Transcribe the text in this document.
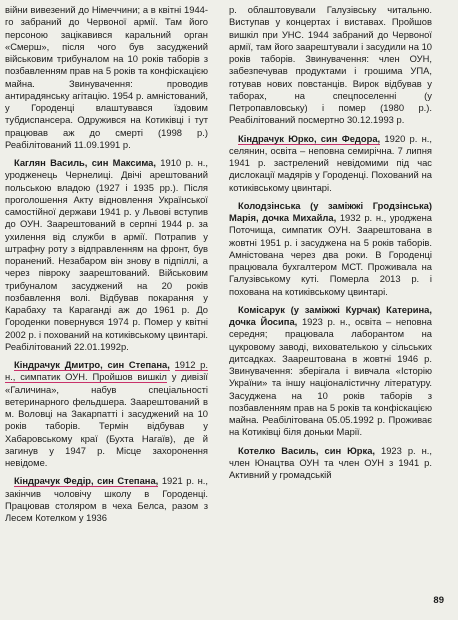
війни вивезений до Німеччини; а в квітні 1944-го забраний до Червоної армії. Там його персоною зацікавився каральний орган «Смерш», після чого був засуджений військовим трибуналом на 10 років таборів з позбавленням прав на 5 років та конфіскацією майна. Звинувачення: проводив антирадянську агітацію. 1954 р. амністований, у Городенці влаштувався їздовим тубдиспансера. Одружився на Котиківці і тут працював аж до смерті (1998 р.) Реабілітований 11.09.1991 р.

Каглян Василь, син Максима, 1910 р. н., уродженець Чернелиці. Двічі арештований польською владою (1927 і 1935 рр.). Після проголошення Акту відновлення Української самостійної держави 1941 р. у Львові вступив до ОУН. Заарештований в серпні 1944 р. за ухилення від служби в армії. Потрапив у штрафну роту з відправленням на фронт, був поранений. Незабаром він знову в підпіллі, а через півроку заарештований. Військовим трибуналом засуджений на 20 років позбавлення волі. Відбував покарання у Карабаху та Караганді аж до 1961 р. До Городенки повернувся 1974 р. Помер у квітні 2002 р. і похований на котиківському цвинтарі. Реабілітований 22.01.1992р.

Кіндрачук Дмитро, син Степана, 1912 р. н., симпатик ОУН. Пройшов вишкіл у дивізії «Галичина», набув спеціальності ветеринарного фельдшера. Заарештований в м. Воловці на Закарпатті і засуджений на 10 років таборів. Термін відбував у Хабаровському краї (Бухта Нагаїв), де й загинув у 1947 р. Місце захоронення невідоме.

Кіндрачук Федір, син Степана, 1921 р. н., закінчив чоловічу школу в Городенці. Працював столяром в чеха Белса, разом з Лесем Котелком у 1936

р. облаштовували Галузівську читальню. Виступав у концертах і виставах. Пройшов вишкіл при УНС. 1944 забраний до Червоної армії, там його заарештували і засудили на 10 років таборів. Звинувачення: член ОУН, забезпечував продуктами і грошима УПА, готував нових повстанців. Вирок відбував у таборах, на спецпоселенні (у Петропавловську) і помер (1980 р.). Реабілітований посмертно 30.12.1993 р.

Кіндрачук Юрко, син Федора, 1920 р. н., селянин, освіта – неповна семирічна. 7 липня 1941 р. застрелений невідомими під час дислокації мадярів у Городенці. Похований на котиківському цвинтарі.

Колодзінська (у заміжжі Гродзінська) Марія, дочка Михайла, 1932 р. н., уроджена Поточища, симпатик ОУН. Заарештована в жовтні 1951 р. і засуджена на 5 років таборів. Амністована через два роки. В Городенці працювала бухгалтером МСТ. Проживала на Галузівському куті. Померла 2013 р. і похована на котиківському цвинтарі.

Комісарук (у заміжжі Курчак) Катерина, дочка Йосипа, 1923 р. н., освіта – неповна середня; працювала лаборантом на цукровому заводі, вихователькою у сільських дитсадках. Заарештована в жовтні 1946 р. Звинувачення: зберігала і вивчала «Історію України» та іншу націоналістичну літературу. Засуджена на 10 років таборів з позбавленням прав на 5 років та конфіскацією майна. Реабілітована 05.05.1992 р. Проживає на Котиківці біля доньки Марії.

Котелко Василь, син Юрка, 1923 р. н., член Юнацтва ОУН та член ОУН з 1941 р. Активний у громадській

89
